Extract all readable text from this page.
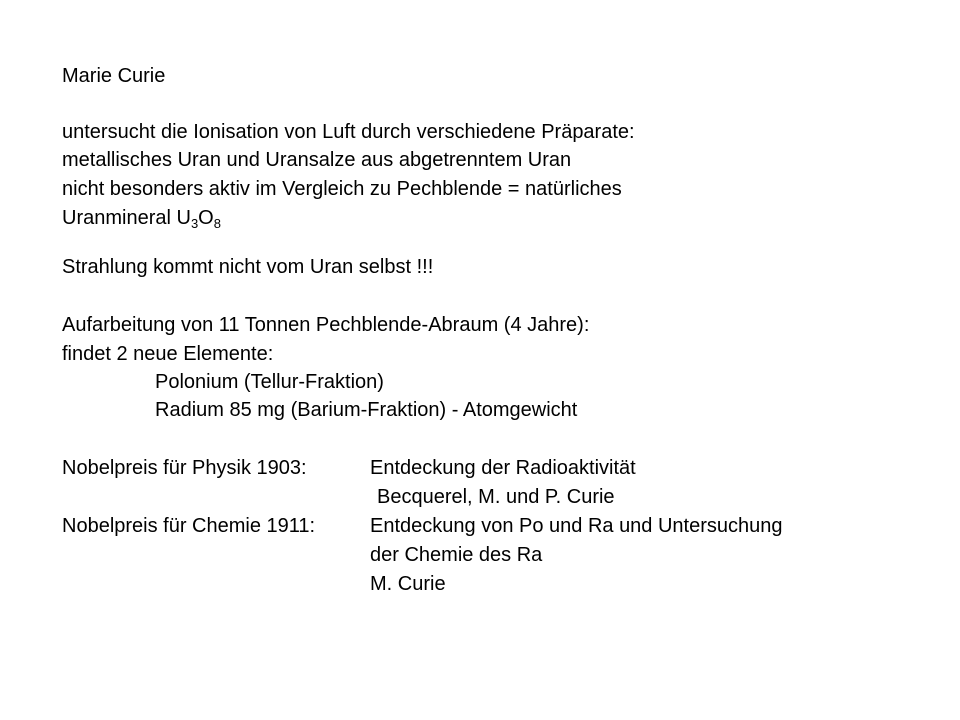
Marie Curie
untersucht die Ionisation von Luft durch verschiedene Präparate:
metallisches Uran und Uransalze aus abgetrenntem Uran
nicht besonders aktiv im Vergleich zu Pechblende = natürliches
Uranmineral $U_3O_8$
Strahlung kommt nicht vom Uran selbst !!!
Aufarbeitung von 11 Tonnen Pechblende-Abraum (4 Jahre):
findet 2 neue Elemente:
Polonium (Tellur-Fraktion)
Radium 85 mg (Barium-Fraktion) - Atomgewicht
Nobelpreis für Physik 1903:	Entdeckung der Radioaktivität
Becquerel, M. und P. Curie
Nobelpreis für Chemie 1911:	Entdeckung von Po und Ra und Untersuchung
der Chemie des Ra
M. Curie
